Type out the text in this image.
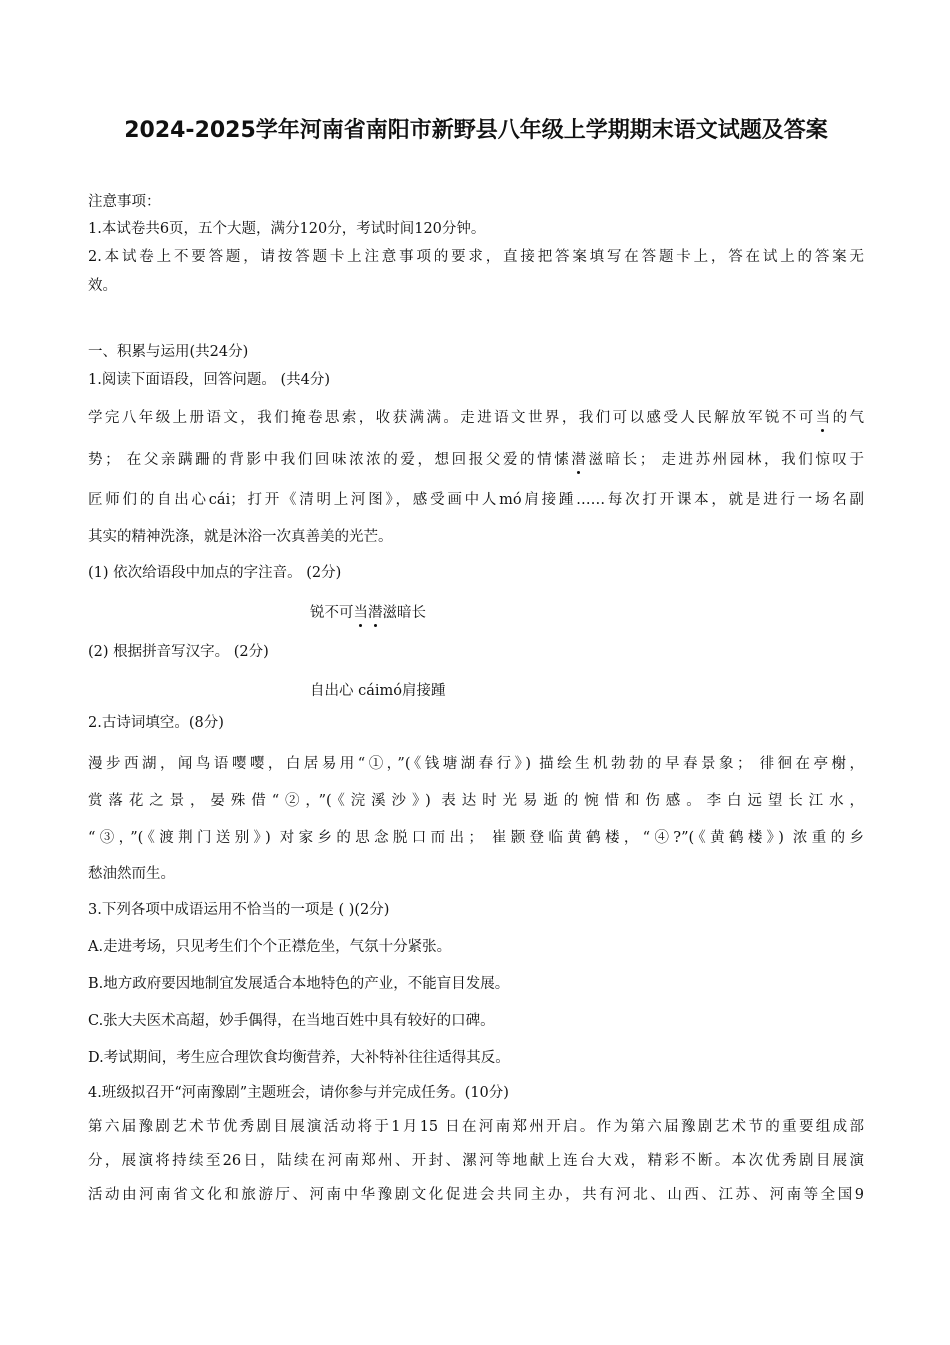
2024-2025学年河南省南阳市新野县八年级上学期期末语文试题及答案
注意事项：
1.本试卷共6页，五个大题，满分120分，考试时间120分钟。
2.本试卷上不要答题，请按答题卡上注意事项的要求，直接把答案填写在答题卡上，答在试上的答案无
效。
一、积累与运用(共24分)
1.阅读下面语段，回答问题。 (共4分)
学完八年级上册语文，我们掩卷思索，收获满满。走进语文世界，我们可以感受人民解放军锐不可当的气
势； 在父亲蹒跚的背影中我们回味浓浓的爱，想回报父爱的情愫潜滋暗长； 走进苏州园林，我们惊叹于
匠师们的自出心cái；打开《清明上河图》，感受画中人mó肩接踵……每次打开课本，就是进行一场名副
其实的精神洗涤，就是沐浴一次真善美的光芒。
(1) 依次给语段中加点的字注音。 (2分)
锐不可当潜滋暗长
(2) 根据拼音写汉字。 (2分)
自出心 cáimó肩接踵
2.古诗词填空。(8分)
漫步西湖，闻鸟语嘤嘤，白居易用“①，”(《钱塘湖春行》) 描绘生机勃勃的早春景象； 徘徊在亭榭，
赏落花之景，晏殊借“②，”(《浣溪沙》) 表达时光易逝的惋惜和伤感。李白远望长江水，
“③，”(《渡荆门送别》) 对家乡的思念脱口而出； 崔颢登临黄鹤楼，“④?”(《黄鹤楼》) 浓重的乡
愁油然而生。
3.下列各项中成语运用不恰当的一项是 ( )(2分)
A.走进考场，只见考生们个个正襟危坐，气氛十分紧张。
B.地方政府要因地制宜发展适合本地特色的产业，不能盲目发展。
C.张大夫医术高超，妙手偶得，在当地百姓中具有较好的口碑。
D.考试期间，考生应合理饮食均衡营养，大补特补往往适得其反。
4.班级拟召开“河南豫剧”主题班会，请你参与并完成任务。(10分)
第六届豫剧艺术节优秀剧目展演活动将于1月15 日在河南郑州开启。作为第六届豫剧艺术节的重要组成部
分，展演将持续至26日，陆续在河南郑州、开封、漯河等地献上连台大戏，精彩不断。本次优秀剧目展演
活动由河南省文化和旅游厅、河南中华豫剧文化促进会共同主办，共有河北、山西、江苏、河南等全国9
